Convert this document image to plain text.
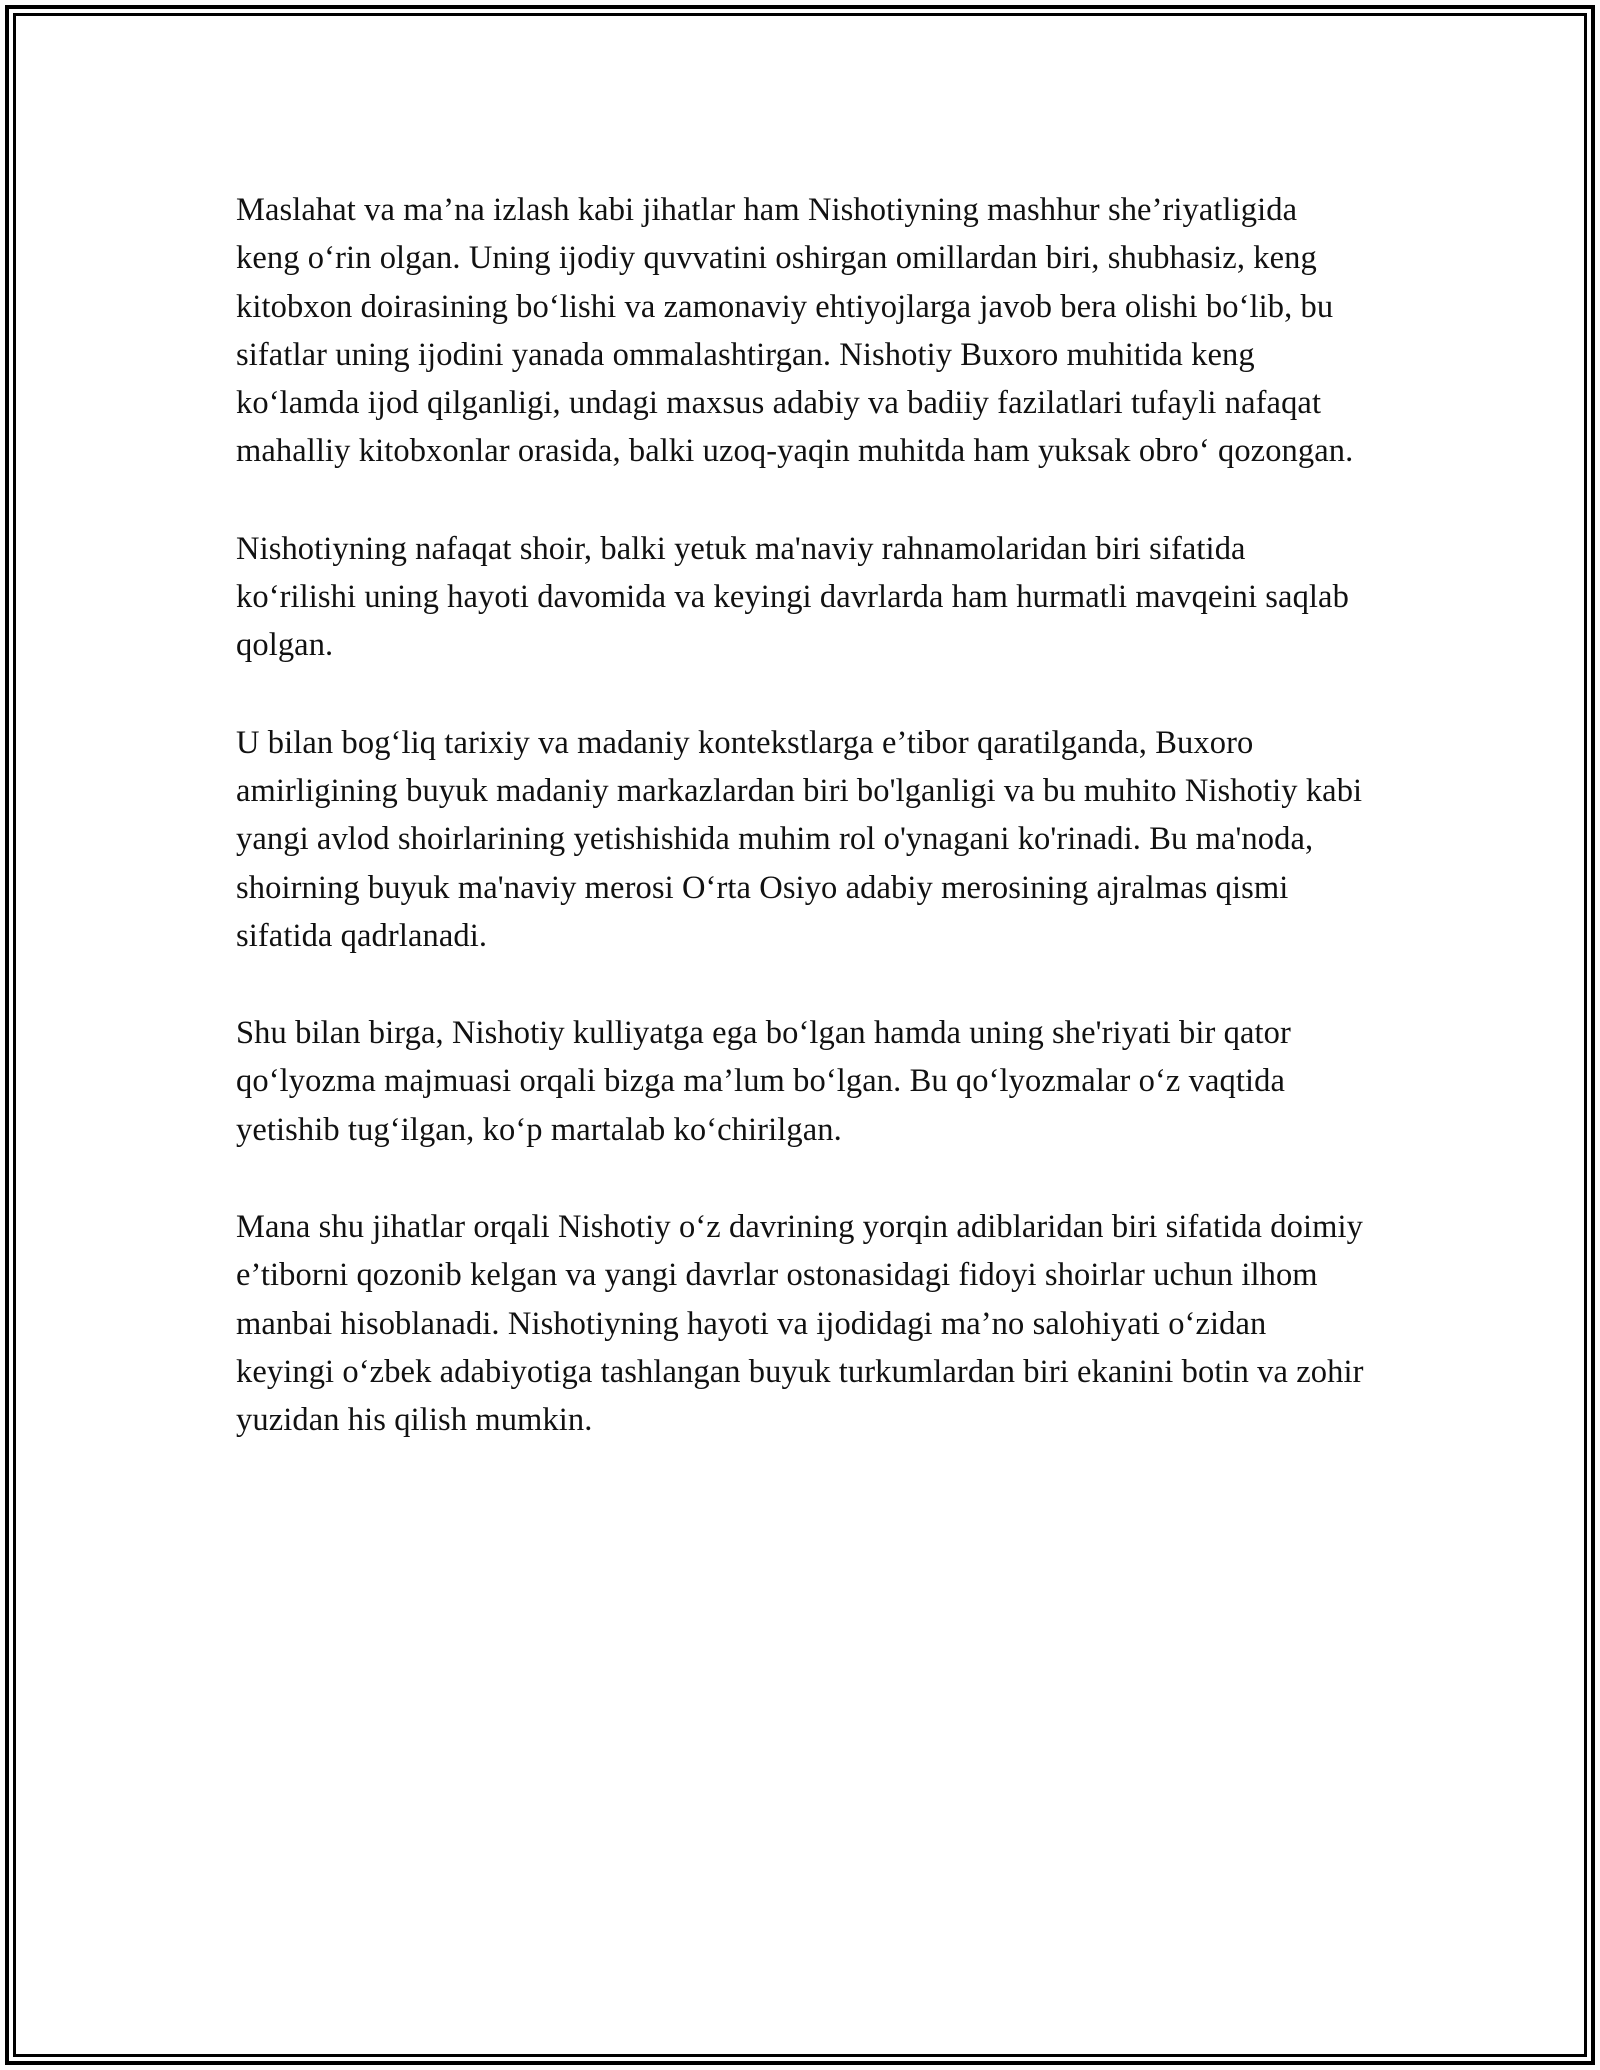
Maslahat va ma’na izlash kabi jihatlar ham Nishotiyning mashhur she’riyatligida keng o‘rin olgan. Uning ijodiy quvvatini oshirgan omillardan biri, shubhasiz, keng kitobxon doirasining bo‘lishi va zamonaviy ehtiyojlarga javob bera olishi bo‘lib, bu sifatlar uning ijodini yanada ommalashtirgan. Nishotiy Buxoro muhitida keng ko‘lamda ijod qilganligi, undagi maxsus adabiy va badiiy fazilatlari tufayli nafaqat mahalliy kitobxonlar orasida, balki uzoq-yaqin muhitda ham yuksak obro‘ qozongan.

Nishotiyning nafaqat shoir, balki yetuk ma'naviy rahnamolaridan biri sifatida ko‘rilishi uning hayoti davomida va keyingi davrlarda ham hurmatli mavqeini saqlab qolgan.

U bilan bog‘liq tarixiy va madaniy kontekstlarga e’tibor qaratilganda, Buxoro amirligining buyuk madaniy markazlardan biri bo'lganligi va bu muhito Nishotiy kabi yangi avlod shoirlarining yetishishida muhim rol o'ynagani ko'rinadi. Bu ma'noda, shoirning buyuk ma'naviy merosi O‘rta Osiyo adabiy merosining ajralmas qismi sifatida qadrlanadi.

Shu bilan birga, Nishotiy kulliyatga ega bo‘lgan hamda uning she'riyati bir qator qo‘lyozma majmuasi orqali bizga ma’lum bo‘lgan. Bu qo‘lyozmalar o‘z vaqtida yetishib tug‘ilgan, ko‘p martalab ko‘chirilgan.

Mana shu jihatlar orqali Nishotiy o‘z davrining yorqin adiblaridan biri sifatida doimiy e’tiborni qozonib kelgan va yangi davrlar ostonasidagi fidoyi shoirlar uchun ilhom manbai hisoblanadi. Nishotiyning hayoti va ijodidagi ma’no salohiyati o‘zidan keyingi o‘zbek adabiyotiga tashlangan buyuk turkumlardan biri ekanini botin va zohir yuzidan his qilish mumkin.
